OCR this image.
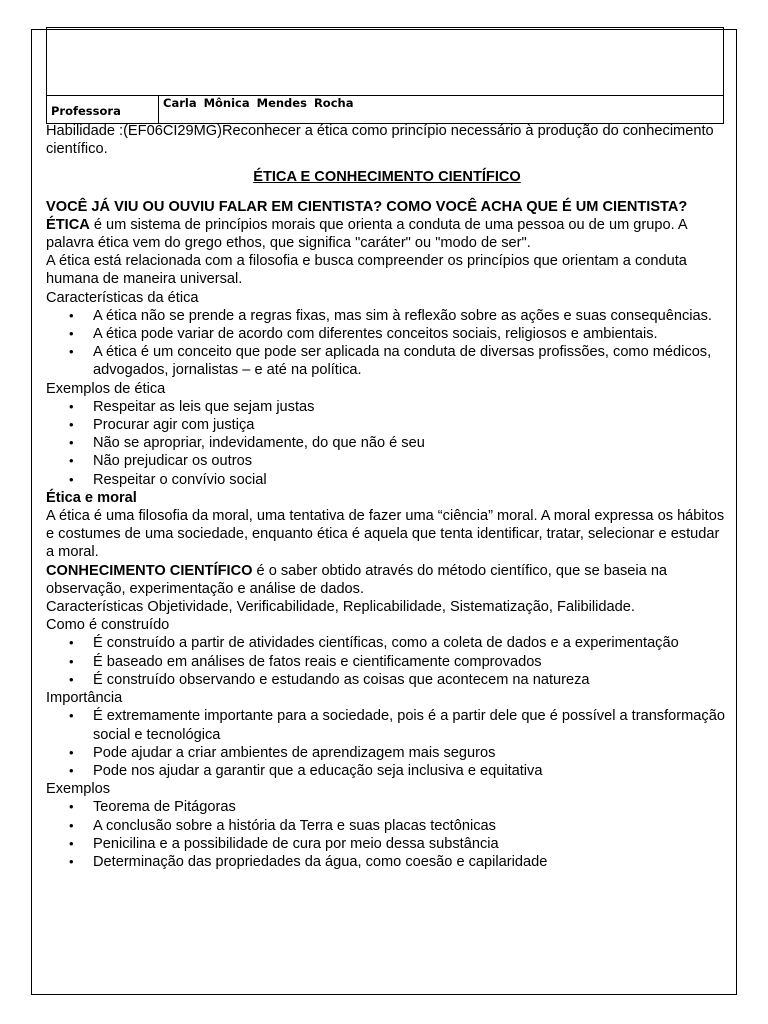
Professora
Carla Mônica Mendes Rocha

Habilidade :(EF06CI29MG)Reconhecer a ética como princípio necessário à produção do conhecimento científico.

ÉTICA E CONHECIMENTO CIENTÍFICO

VOCÊ JÁ VIU OU OUVIU FALAR EM CIENTISTA? COMO VOCÊ ACHA QUE É UM CIENTISTA?

ÉTICA é um sistema de princípios morais que orienta a conduta de uma pessoa ou de um grupo. A palavra ética vem do grego ethos, que significa "caráter" ou "modo de ser".

A ética está relacionada com a filosofia e busca compreender os princípios que orientam a conduta humana de maneira universal.

Características da ética

• A ética não se prende a regras fixas, mas sim à reflexão sobre as ações e suas consequências.
• A ética pode variar de acordo com diferentes conceitos sociais, religiosos e ambientais.
• A ética é um conceito que pode ser aplicada na conduta de diversas profissões, como médicos, advogados, jornalistas – e até na política.

Exemplos de ética

• Respeitar as leis que sejam justas
• Procurar agir com justiça
• Não se apropriar, indevidamente, do que não é seu
• Não prejudicar os outros
• Respeitar o convívio social

Ética e moral

A ética é uma filosofia da moral, uma tentativa de fazer uma “ciência” moral. A moral expressa os hábitos e costumes de uma sociedade, enquanto ética é aquela que tenta identificar, tratar, selecionar e estudar a moral.

CONHECIMENTO CIENTÍFICO é o saber obtido através do método científico, que se baseia na observação, experimentação e análise de dados.

Características Objetividade, Verificabilidade, Replicabilidade, Sistematização, Falibilidade.

Como é construído

• É construído a partir de atividades científicas, como a coleta de dados e a experimentação
• É baseado em análises de fatos reais e cientificamente comprovados
• É construído observando e estudando as coisas que acontecem na natureza

Importância

• É extremamente importante para a sociedade, pois é a partir dele que é possível a transformação social e tecnológica
• Pode ajudar a criar ambientes de aprendizagem mais seguros
• Pode nos ajudar a garantir que a educação seja inclusiva e equitativa

Exemplos

• Teorema de Pitágoras
• A conclusão sobre a história da Terra e suas placas tectônicas
• Penicilina e a possibilidade de cura por meio dessa substância
• Determinação das propriedades da água, como coesão e capilaridade
